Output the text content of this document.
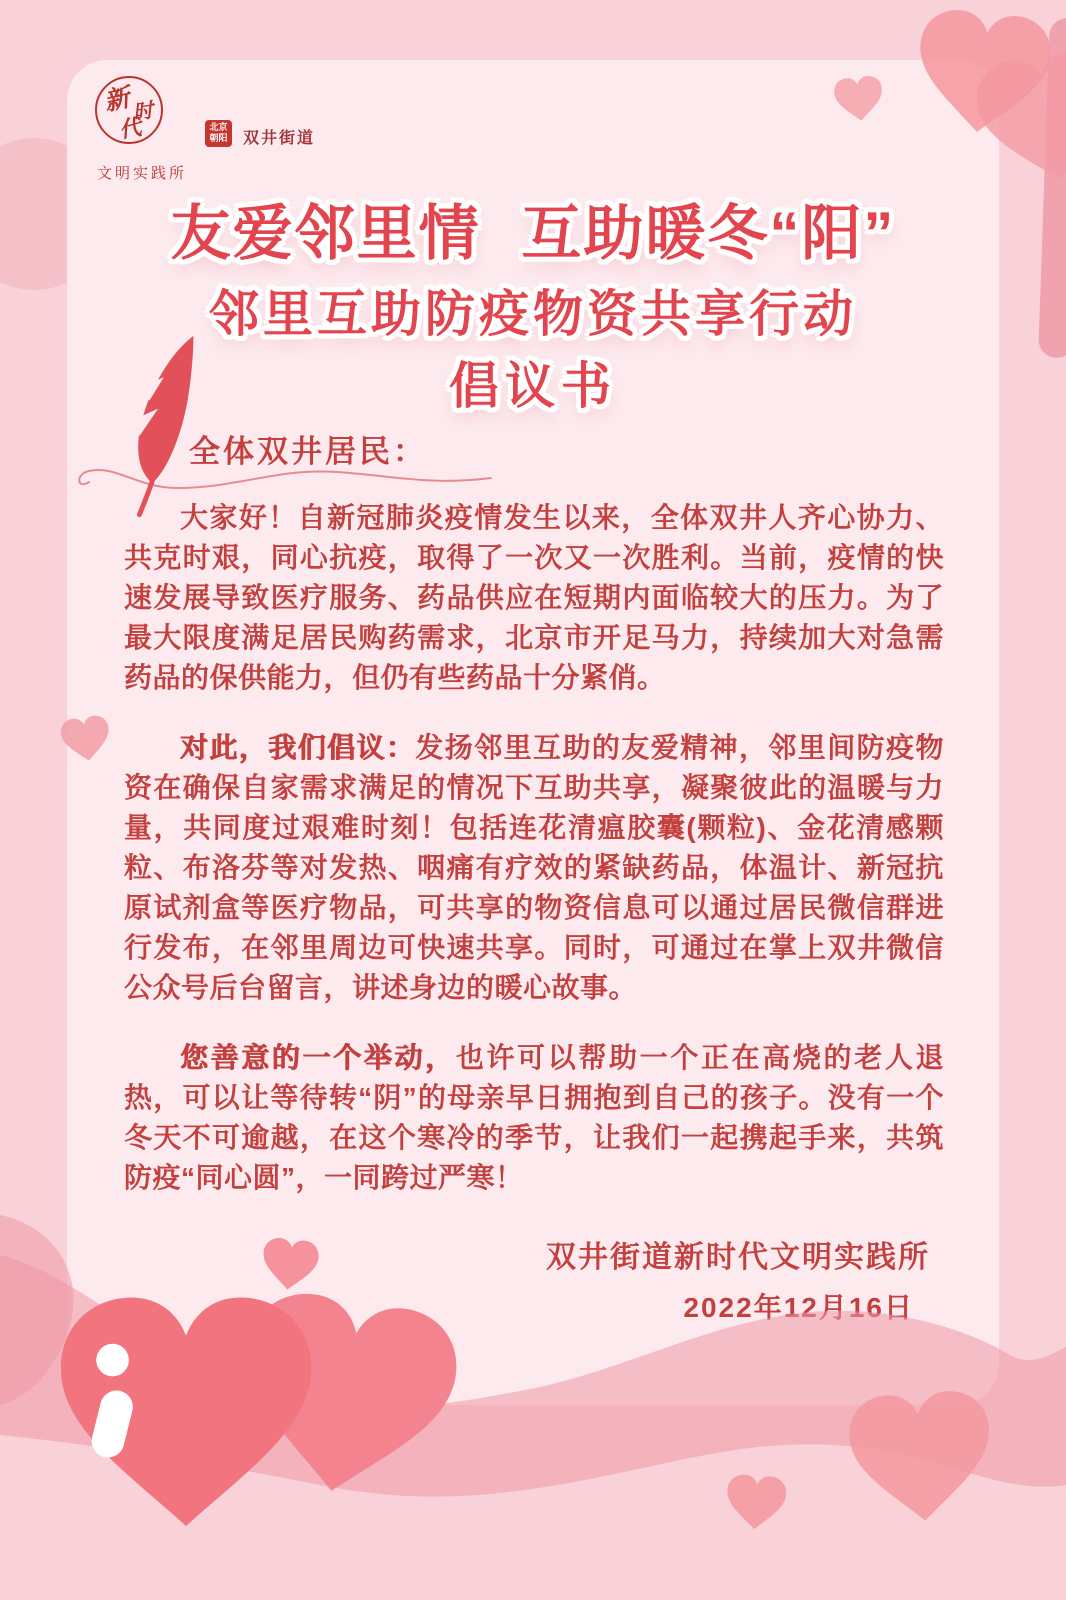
新 时
代
文明实践所
北京
朝阳 双井街道
友爱邻里情 互助暖冬“阳”
邻里互助防疫物资共享行动
倡议书
全体双井居民：

大家好！自新冠肺炎疫情发生以来，全体双井人齐心协力、共克时艰，同心抗疫，取得了一次又一次胜利。当前，疫情的快速发展导致医疗服务、药品供应在短期内面临较大的压力。为了最大限度满足居民购药需求，北京市开足马力，持续加大对急需药品的保供能力，但仍有些药品十分紧俏。

对此，我们倡议：发扬邻里互助的友爱精神，邻里间防疫物资在确保自家需求满足的情况下互助共享，凝聚彼此的温暖与力量，共同度过艰难时刻！包括连花清瘟胶囊(颗粒)、金花清感颗粒、布洛芬等对发热、咽痛有疗效的紧缺药品，体温计、新冠抗原试剂盒等医疗物品，可共享的物资信息可以通过居民微信群进行发布，在邻里周边可快速共享。同时，可通过在掌上双井微信公众号后台留言，讲述身边的暖心故事。

您善意的一个举动，也许可以帮助一个正在高烧的老人退热，可以让等待转“阴”的母亲早日拥抱到自己的孩子。没有一个冬天不可逾越，在这个寒冷的季节，让我们一起携起手来，共筑防疫“同心圆”，一同跨过严寒！

双井街道新时代文明实践所
2022年12月16日
